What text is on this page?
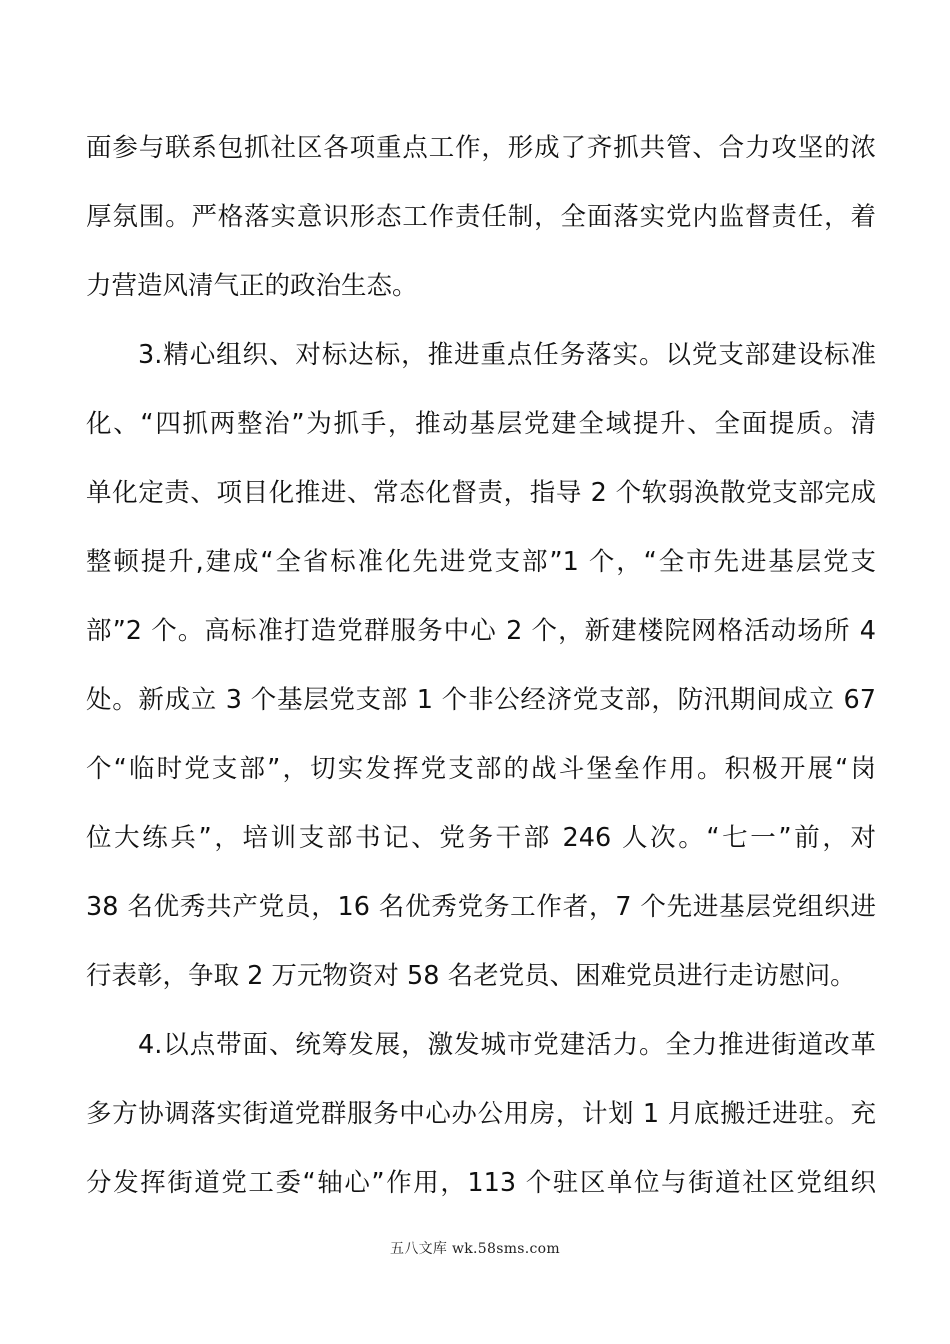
面参与联系包抓社区各项重点工作，形成了齐抓共管、合力攻坚的浓
厚氛围。严格落实意识形态工作责任制，全面落实党内监督责任，着
力营造风清气正的政治生态。
3.精心组织、对标达标，推进重点任务落实。以党支部建设标准
化、“四抓两整治”为抓手，推动基层党建全域提升、全面提质。清
单化定责、项目化推进、常态化督责，指导 2 个软弱涣散党支部完成
整顿提升,建成“全省标准化先进党支部”1 个，“全市先进基层党支
部”2 个。高标准打造党群服务中心 2 个，新建楼院网格活动场所 4
处。新成立 3 个基层党支部 1 个非公经济党支部，防汛期间成立 67
个“临时党支部”，切实发挥党支部的战斗堡垒作用。积极开展“岗
位大练兵”，培训支部书记、党务干部 246 人次。“七一”前，对
38 名优秀共产党员，16 名优秀党务工作者，7 个先进基层党组织进
行表彰，争取 2 万元物资对 58 名老党员、困难党员进行走访慰问。
4.以点带面、统筹发展，激发城市党建活力。全力推进街道改革
多方协调落实街道党群服务中心办公用房，计划 1 月底搬迁进驻。充
分发挥街道党工委“轴心”作用，113 个驻区单位与街道社区党组织
五八文库 wk.58sms.com
